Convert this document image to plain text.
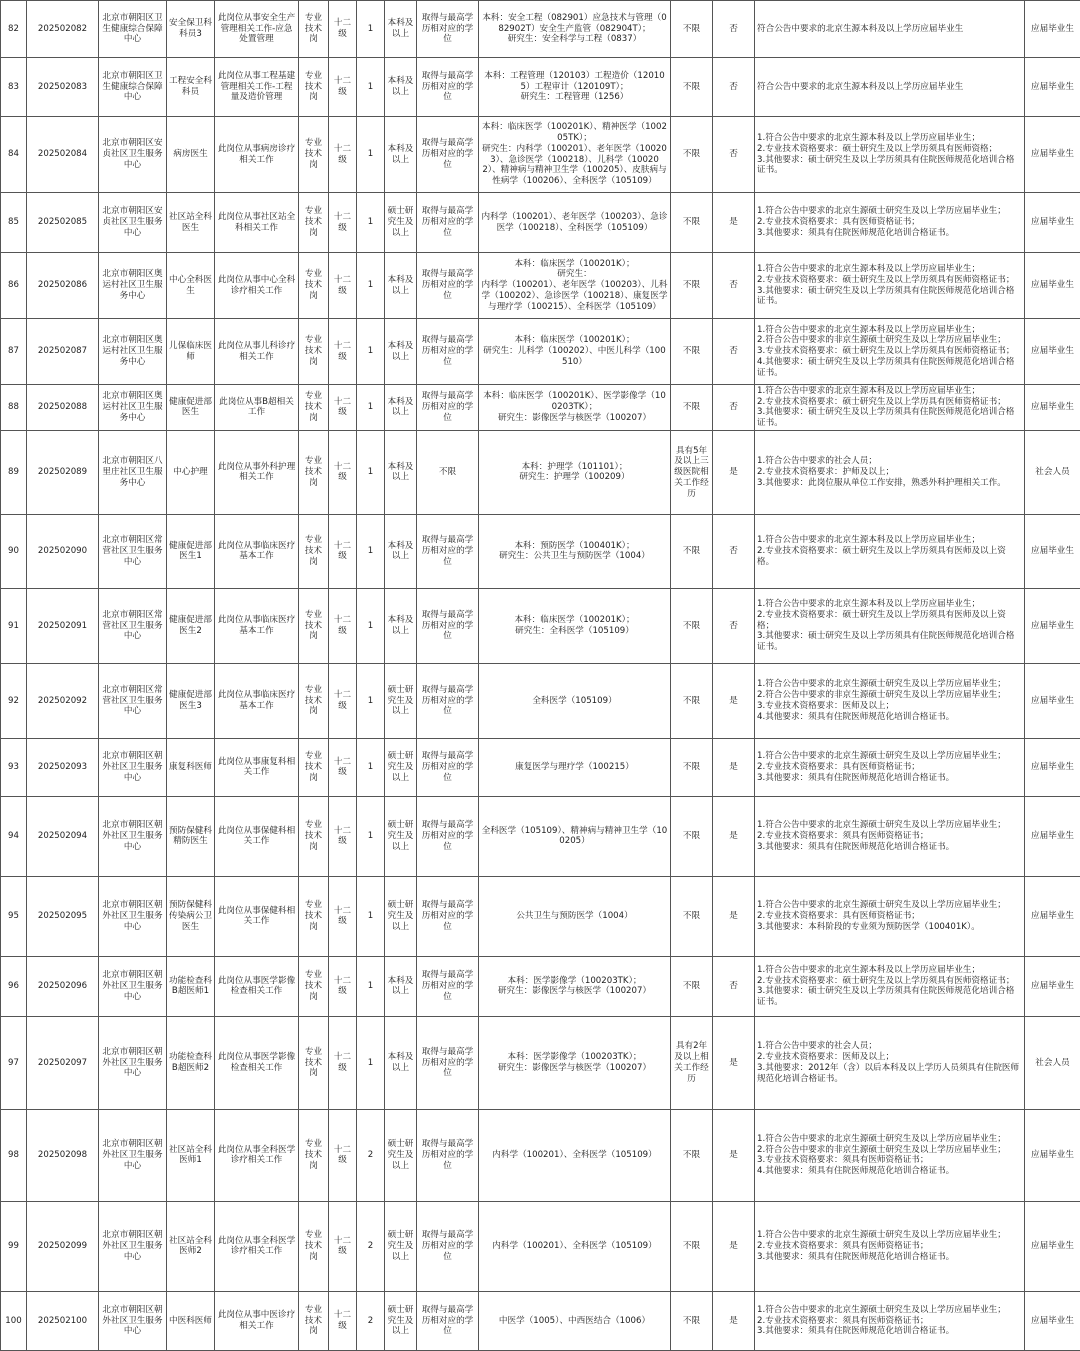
82	202502082	北京市朝阳区卫生健康综合保障中心	安全保卫科科员3	此岗位从事安全生产管理相关工作-应急处置管理	专业技术岗	十二级	1	本科及以上	取得与最高学历相对应的学位	本科：安全工程（082901）应急技术与管理（082902T）安全生产监管（082904T）；
研究生：安全科学与工程（0837）	不限	否	符合公告中要求的北京生源本科及以上学历应届毕业生	应届毕业生
83	202502083	北京市朝阳区卫生健康综合保障中心	工程安全科科员	此岗位从事工程基建管理相关工作-工程量及造价管理	专业技术岗	十二级	1	本科及以上	取得与最高学历相对应的学位	本科：工程管理（120103）工程造价（120105）工程审计（120109T）；
研究生：工程管理（1256）	不限	否	符合公告中要求的北京生源本科及以上学历应届毕业生	应届毕业生
84	202502084	北京市朝阳区安贞社区卫生服务中心	病房医生	此岗位从事病房诊疗相关工作	专业技术岗	十二级	1	本科及以上	取得与最高学历相对应的学位	本科：临床医学（100201K）、精神医学（100205TK）；
研究生：内科学（100201）、老年医学（100203）、急诊医学（100218）、儿科学（100202）、精神病与精神卫生学（100205）、皮肤病与性病学（100206）、全科医学（105109）	不限	否	1.符合公告中要求的北京生源本科及以上学历应届毕业生；
2.专业技术资格要求：硕士研究生及以上学历须具有医师资格；
3.其他要求：硕士研究生及以上学历须具有住院医师规范化培训合格证书。	应届毕业生
85	202502085	北京市朝阳区安贞社区卫生服务中心	社区站全科医生	此岗位从事社区站全科相关工作	专业技术岗	十二级	1	硕士研究生及以上	取得与最高学历相对应的学位	内科学（100201）、老年医学（100203）、急诊医学（100218）、全科医学（105109）	不限	是	1.符合公告中要求的北京生源硕士研究生及以上学历应届毕业生；
2.专业技术资格要求：具有医师资格证书；
3.其他要求：须具有住院医师规范化培训合格证书。	应届毕业生
86	202502086	北京市朝阳区奥运村社区卫生服务中心	中心全科医生	此岗位从事中心全科诊疗相关工作	专业技术岗	十二级	1	本科及以上	取得与最高学历相对应的学位	本科：临床医学（100201K）；
研究生：
内科学（100201）、老年医学（100203）、儿科学（100202）、急诊医学（100218）、康复医学与理疗学（100215）、全科医学（105109）	不限	否	1.符合公告中要求的北京生源本科及以上学历应届毕业生；
2.专业技术资格要求：硕士研究生及以上学历须具有医师资格证书；
3.其他要求：硕士研究生及以上学历须具有住院医师规范化培训合格证书。	应届毕业生
87	202502087	北京市朝阳区奥运村社区卫生服务中心	儿保临床医师	此岗位从事儿科诊疗相关工作	专业技术岗	十二级	1	本科及以上	取得与最高学历相对应的学位	本科：临床医学（100201K）；
研究生：儿科学（100202）、中医儿科学（100510）	不限	否	1.符合公告中要求的北京生源本科及以上学历应届毕业生；
2.符合公告中要求的非京生源硕士研究生及以上学历应届毕业生；
3.专业技术资格要求：硕士研究生及以上学历须具有医师资格证书；
4.其他要求：硕士研究生及以上学历须具有住院医师规范化培训合格证书。	应届毕业生
88	202502088	北京市朝阳区奥运村社区卫生服务中心	健康促进部医生	此岗位从事B超相关工作	专业技术岗	十二级	1	本科及以上	取得与最高学历相对应的学位	本科：临床医学（100201K）、医学影像学（100203TK）；
研究生：影像医学与核医学（100207）	不限	否	1.符合公告中要求的北京生源本科及以上学历应届毕业生；
2.专业技术资格要求：硕士研究生及以上学历具有医师资格证书；
3.其他要求：硕士研究生及以上学历须具有住院医师规范化培训合格证书。	应届毕业生
89	202502089	北京市朝阳区八里庄社区卫生服务中心	中心护理	此岗位从事外科护理相关工作	专业技术岗	十二级	1	本科及以上	不限	本科：护理学（101101）；
研究生：护理学（100209）	具有5年及以上三级医院相关工作经历	是	1.符合公告中要求的社会人员；
2.专业技术资格要求：护师及以上；
3.其他要求：此岗位服从单位工作安排，熟悉外科护理相关工作。	社会人员
90	202502090	北京市朝阳区常营社区卫生服务中心	健康促进部医生1	此岗位从事临床医疗基本工作	专业技术岗	十二级	1	本科及以上	取得与最高学历相对应的学位	本科：预防医学（100401K）；
研究生：公共卫生与预防医学（1004）	不限	否	1.符合公告中要求的北京生源本科及以上学历应届毕业生；
2.专业技术资格要求：硕士研究生及以上学历须具有医师及以上资格。	应届毕业生
91	202502091	北京市朝阳区常营社区卫生服务中心	健康促进部医生2	此岗位从事临床医疗基本工作	专业技术岗	十二级	1	本科及以上	取得与最高学历相对应的学位	本科：临床医学（100201K）；
研究生：全科医学（105109）	不限	否	1.符合公告中要求的北京生源本科及以上学历应届毕业生；
2.专业技术资格要求：硕士研究生及以上学历须具有医师及以上资格；
3.其他要求：硕士研究生及以上学历须具有住院医师规范化培训合格证书。	应届毕业生
92	202502092	北京市朝阳区常营社区卫生服务中心	健康促进部医生3	此岗位从事临床医疗基本工作	专业技术岗	十二级	1	硕士研究生及以上	取得与最高学历相对应的学位	全科医学（105109）	不限	是	1.符合公告中要求的北京生源硕士研究生及以上学历应届毕业生；
2.符合公告中要求的非京生源硕士研究生及以上学历应届毕业生；
3.专业技术资格要求：医师及以上；
4.其他要求：须具有住院医师规范化培训合格证书。	应届毕业生
93	202502093	北京市朝阳区朝外社区卫生服务中心	康复科医师	此岗位从事康复科相关工作	专业技术岗	十二级	1	硕士研究生及以上	取得与最高学历相对应的学位	康复医学与理疗学（100215）	不限	是	1.符合公告中要求的北京生源硕士研究生及以上学历应届毕业生；
2.专业技术资格要求：具有医师资格证书；
3.其他要求：须具有住院医师规范化培训合格证书。	应届毕业生
94	202502094	北京市朝阳区朝外社区卫生服务中心	预防保健科精防医生	此岗位从事保健科相关工作	专业技术岗	十二级	1	硕士研究生及以上	取得与最高学历相对应的学位	全科医学（105109）、精神病与精神卫生学（100205）	不限	是	1.符合公告中要求的北京生源硕士研究生及以上学历应届毕业生；
2.专业技术资格要求：须具有医师资格证书；
3.其他要求：须具有住院医师规范化培训合格证书。	应届毕业生
95	202502095	北京市朝阳区朝外社区卫生服务中心	预防保健科传染病公卫医生	此岗位从事保健科相关工作	专业技术岗	十二级	1	硕士研究生及以上	取得与最高学历相对应的学位	公共卫生与预防医学（1004）	不限	是	1.符合公告中要求的北京生源硕士研究生及以上学历应届毕业生；
2.专业技术资格要求：具有医师资格证书；
3.其他要求：本科阶段的专业须为预防医学（100401K）。	应届毕业生
96	202502096	北京市朝阳区朝外社区卫生服务中心	功能检查科B超医师1	此岗位从事医学影像检查相关工作	专业技术岗	十二级	1	本科及以上	取得与最高学历相对应的学位	本科：医学影像学（100203TK）；
研究生：影像医学与核医学（100207）	不限	否	1.符合公告中要求的北京生源本科及以上学历应届毕业生；
2.专业技术资格要求：硕士研究生及以上学历须具有医师资格证书；
3.其他要求：硕士研究生及以上学历须具有住院医师规范化培训合格证书。	应届毕业生
97	202502097	北京市朝阳区朝外社区卫生服务中心	功能检查科B超医师2	此岗位从事医学影像检查相关工作	专业技术岗	十二级	1	本科及以上	取得与最高学历相对应的学位	本科：医学影像学（100203TK）；
研究生：影像医学与核医学（100207）	具有2年及以上相关工作经历	是	1.符合公告中要求的社会人员；
2.专业技术资格要求：医师及以上；
3.其他要求：2012年（含）以后本科及以上学历人员须具有住院医师规范化培训合格证书。	社会人员
98	202502098	北京市朝阳区朝外社区卫生服务中心	社区站全科医师1	此岗位从事全科医学诊疗相关工作	专业技术岗	十二级	2	硕士研究生及以上	取得与最高学历相对应的学位	内科学（100201）、全科医学（105109）	不限	是	1.符合公告中要求的北京生源硕士研究生及以上学历应届毕业生；
2.符合公告中要求的非京生源硕士研究生及以上学历应届毕业生；
3.专业技术资格要求：须具有医师资格证书；
4.其他要求：须具有住院医师规范化培训合格证书。	应届毕业生
99	202502099	北京市朝阳区朝外社区卫生服务中心	社区站全科医师2	此岗位从事全科医学诊疗相关工作	专业技术岗	十二级	2	硕士研究生及以上	取得与最高学历相对应的学位	内科学（100201）、全科医学（105109）	不限	是	1.符合公告中要求的北京生源硕士研究生及以上学历应届毕业生；
2.专业技术资格要求：须具有医师资格证书；
3.其他要求：须具有住院医师规范化培训合格证书。	应届毕业生
100	202502100	北京市朝阳区朝外社区卫生服务中心	中医科医师	此岗位从事中医诊疗相关工作	专业技术岗	十二级	2	硕士研究生及以上	取得与最高学历相对应的学位	中医学（1005）、中西医结合（1006）	不限	是	1.符合公告中要求的北京生源硕士研究生及以上学历应届毕业生；
2.专业技术资格要求：须具有医师资格证书；
3.其他要求：须具有住院医师规范化培训合格证书。	应届毕业生
